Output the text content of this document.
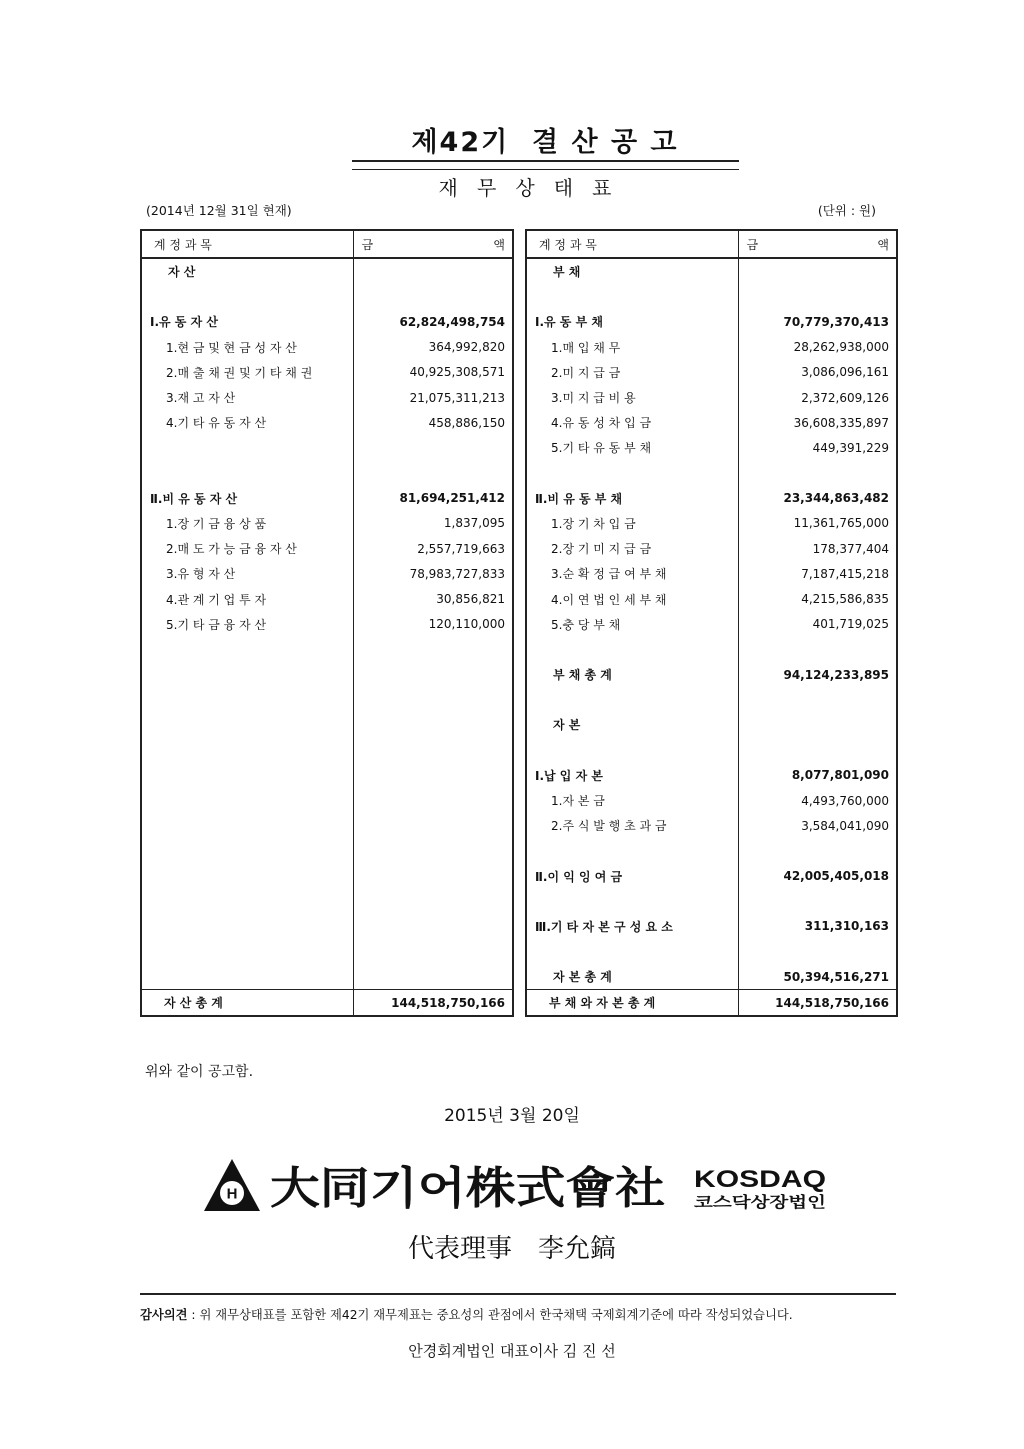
제42기  결 산 공 고
재   무   상   태   표
(2014년 12월 31일 현재)	(단위 : 원)
계 정 과 목	금 액

자 산	

Ⅰ.유 동 자 산	62,824,498,754
1.현 금 및 현 금 성 자 산	364,992,820
2.매 출 채 권 및 기 타 채 권	40,925,308,571
3.재 고 자 산	21,075,311,213
4.기 타 유 동 자 산	458,886,150

Ⅱ.비 유 동 자 산	81,694,251,412
1.장 기 금 융 상 품	1,837,095
2.매 도 가 능 금 융 자 산	2,557,719,663
3.유 형 자 산	78,983,727,833
4.관 계 기 업 투 자	30,856,821
5.기 타 금 융 자 산	120,110,000

자 산 총 계	144,518,750,166
계 정 과 목	금 액

부 채	

Ⅰ.유 동 부 채	70,779,370,413
1.매 입 채 무	28,262,938,000
2.미 지 급 금	3,086,096,161
3.미 지 급 비 용	2,372,609,126
4.유 동 성 차 입 금	36,608,335,897
5.기 타 유 동 부 채	449,391,229

Ⅱ.비 유 동 부 채	23,344,863,482
1.장 기 차 입 금	11,361,765,000
2.장 기 미 지 급 금	178,377,404
3.순 확 정 급 여 부 채	7,187,415,218
4.이 연 법 인 세 부 채	4,215,586,835
5.충 당 부 채	401,719,025

부 채 총 계	94,124,233,895

자 본	

Ⅰ.납 입 자 본	8,077,801,090
1.자 본 금	4,493,760,000
2.주 식 발 행 초 과 금	3,584,041,090

Ⅱ.이 익 잉 여 금	42,005,405,018

Ⅲ.기 타 자 본 구 성 요 소	311,310,163

자 본 총 계	50,394,516,271
부 채 와 자 본 총 계	144,518,750,166
위와 같이 공고함.
2015년 3월 20일
H 大同기어株式會社 KOSDAQ
코스닥상장법인
代表理事 李允鎬
감사의견 : 위 재무상태표를 포함한 제42기 재무제표는 중요성의 관점에서 한국채택 국제회계기준에 따라 작성되었습니다.
안경회계법인 대표이사 김 진 선
